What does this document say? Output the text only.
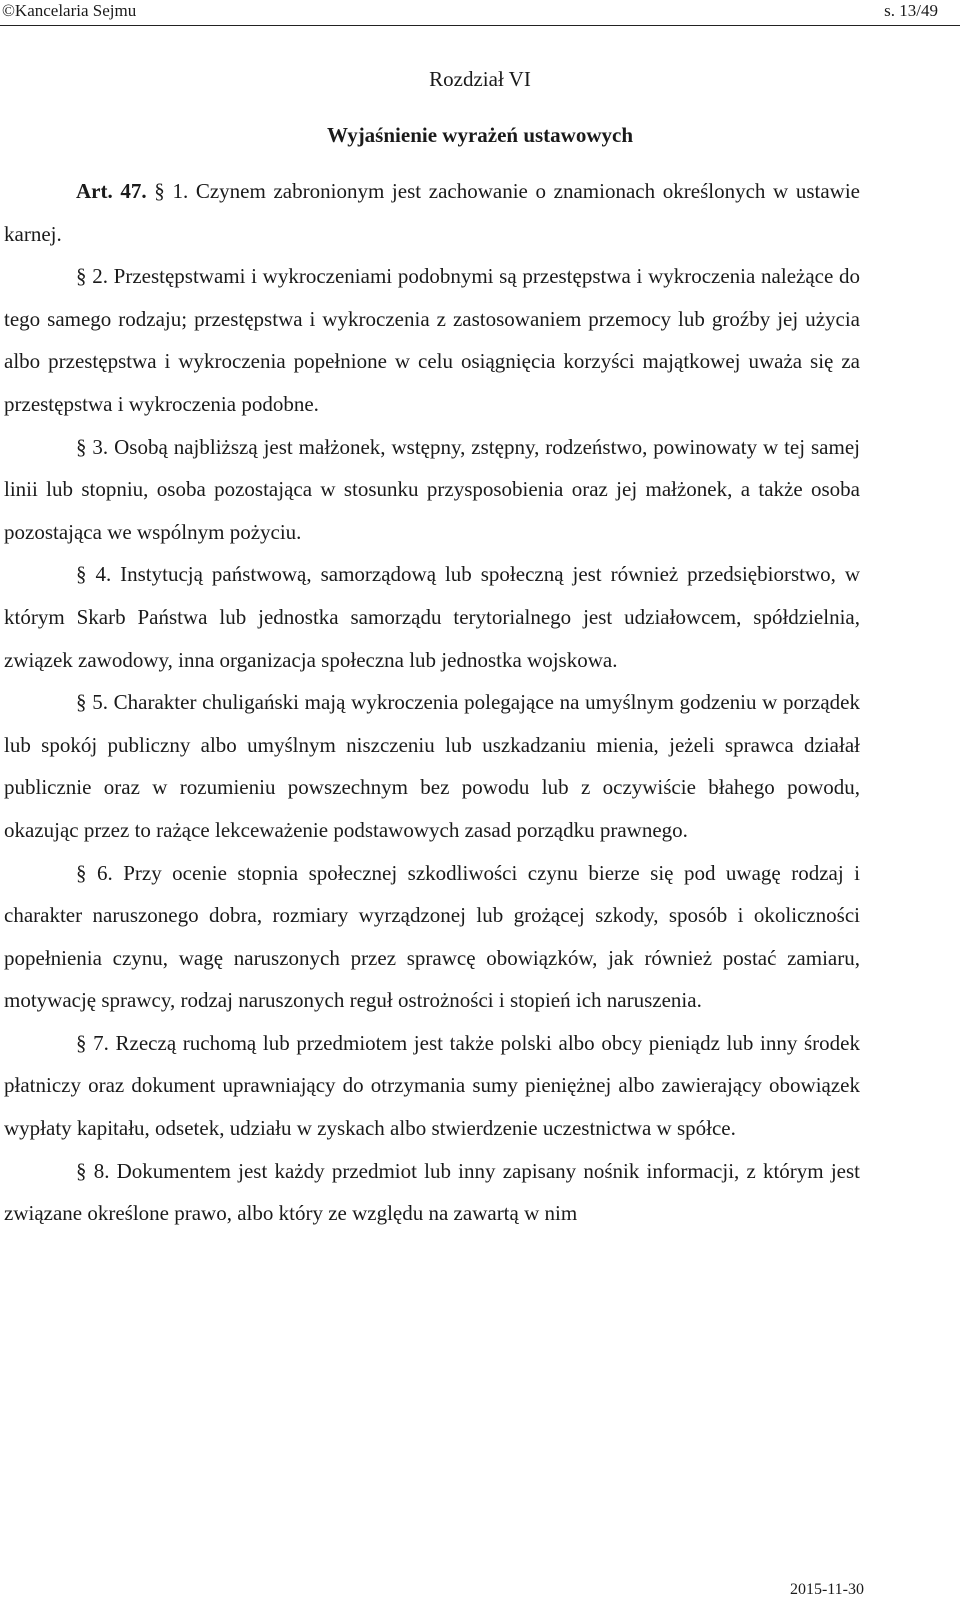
©Kancelaria Sejmu	s. 13/49
Rozdział VI
Wyjaśnienie wyrażeń ustawowych

Art. 47. § 1. Czynem zabronionym jest zachowanie o znamionach określonych w ustawie karnej.

§ 2. Przestępstwami i wykroczeniami podobnymi są przestępstwa i wykroczenia należące do tego samego rodzaju; przestępstwa i wykroczenia z zastosowaniem przemocy lub groźby jej użycia albo przestępstwa i wykroczenia popełnione w celu osiągnięcia korzyści majątkowej uważa się za przestępstwa i wykroczenia podobne.

§ 3. Osobą najbliższą jest małżonek, wstępny, zstępny, rodzeństwo, powinowaty w tej samej linii lub stopniu, osoba pozostająca w stosunku przysposobienia oraz jej małżonek, a także osoba pozostająca we wspólnym pożyciu.

§ 4. Instytucją państwową, samorządową lub społeczną jest również przedsiębiorstwo, w którym Skarb Państwa lub jednostka samorządu terytorialnego jest udziałowcem, spółdzielnia, związek zawodowy, inna organizacja społeczna lub jednostka wojskowa.

§ 5. Charakter chuligański mają wykroczenia polegające na umyślnym godzeniu w porządek lub spokój publiczny albo umyślnym niszczeniu lub uszkadzaniu mienia, jeżeli sprawca działał publicznie oraz w rozumieniu powszechnym bez powodu lub z oczywiście błahego powodu, okazując przez to rażące lekceważenie podstawowych zasad porządku prawnego.

§ 6. Przy ocenie stopnia społecznej szkodliwości czynu bierze się pod uwagę rodzaj i charakter naruszonego dobra, rozmiary wyrządzonej lub grożącej szkody, sposób i okoliczności popełnienia czynu, wagę naruszonych przez sprawcę obowiązków, jak również postać zamiaru, motywację sprawcy, rodzaj naruszonych reguł ostrożności i stopień ich naruszenia.

§ 7. Rzeczą ruchomą lub przedmiotem jest także polski albo obcy pieniądz lub inny środek płatniczy oraz dokument uprawniający do otrzymania sumy pieniężnej albo zawierający obowiązek wypłaty kapitału, odsetek, udziału w zyskach albo stwierdzenie uczestnictwa w spółce.

§ 8. Dokumentem jest każdy przedmiot lub inny zapisany nośnik informacji, z którym jest związane określone prawo, albo który ze względu na zawartą w nim

2015-11-30
